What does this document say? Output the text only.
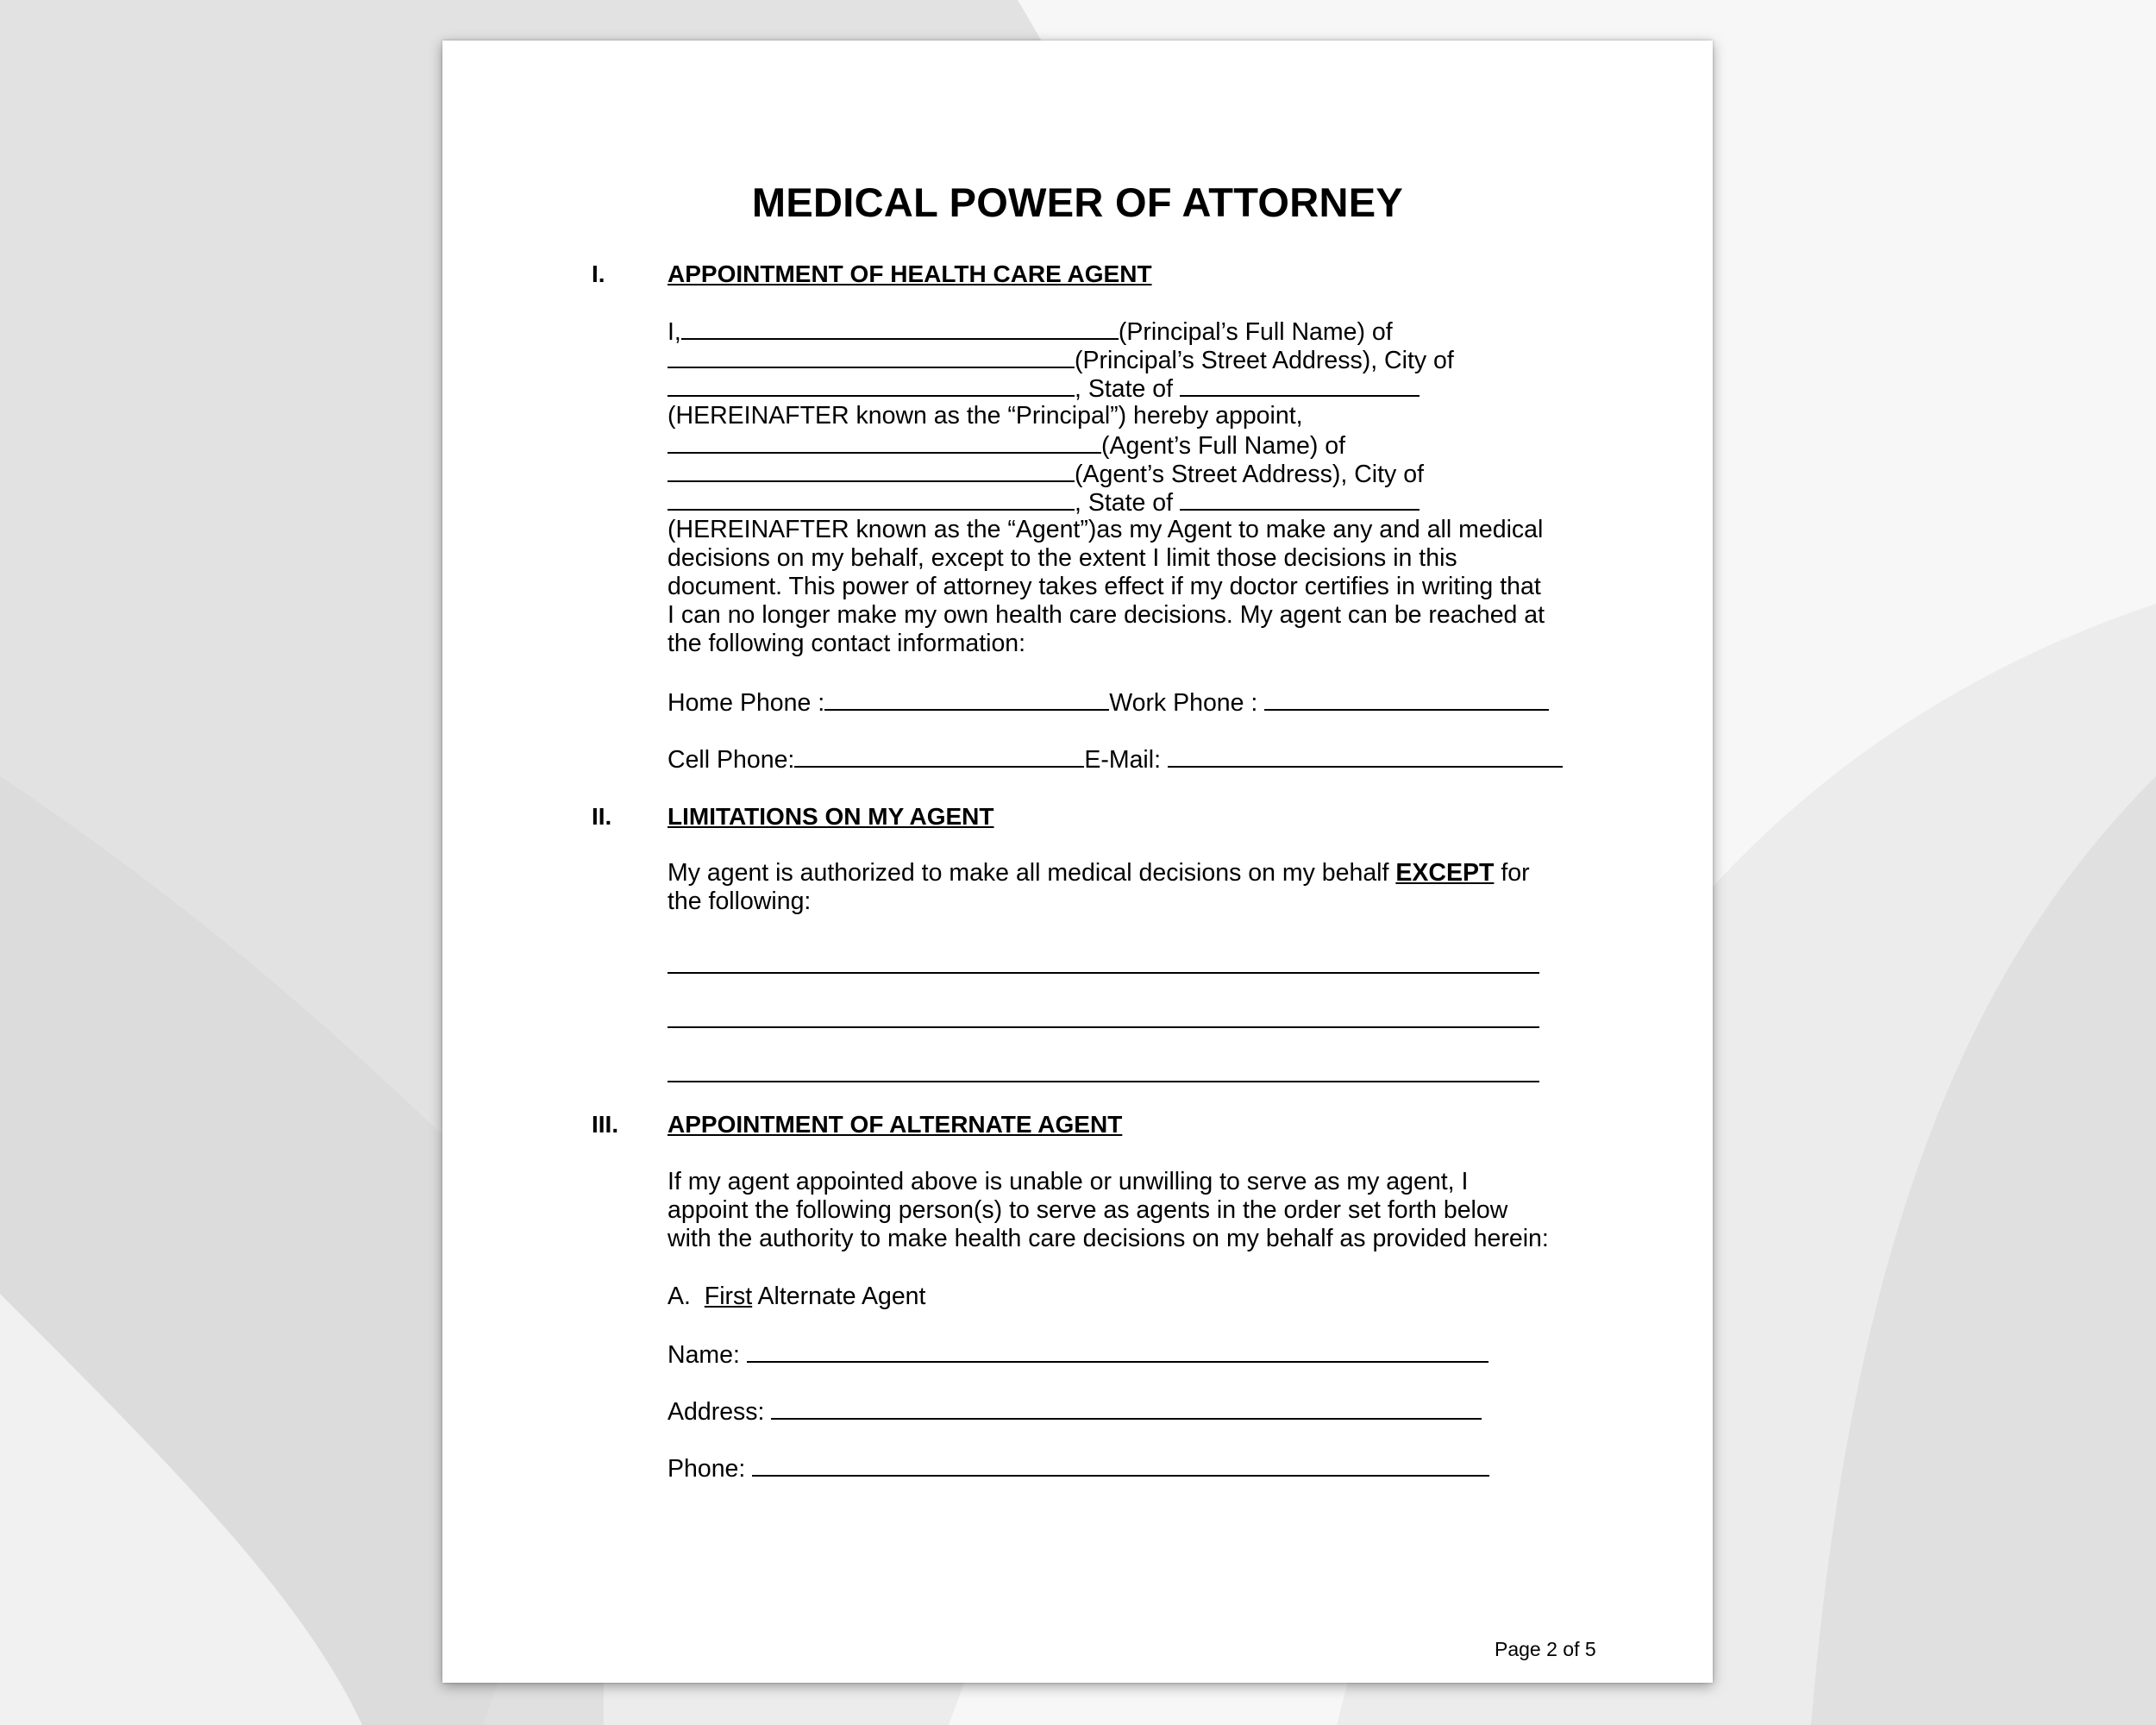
MEDICAL POWER OF ATTORNEY
I.	APPOINTMENT OF HEALTH CARE AGENT
I,	(Principal’s Full Name) of
(Principal’s Street Address), City of
, State of
(HEREINAFTER known as the “Principal”) hereby appoint,
(Agent’s Full Name) of
(Agent’s Street Address), City of
, State of
(HEREINAFTER known as the “Agent”)as my Agent to make any and all medical
decisions on my behalf, except to the extent I limit those decisions in this
document. This power of attorney takes effect if my doctor certifies in writing that
I can no longer make my own health care decisions. My agent can be reached at
the following contact information:
Home Phone :	Work Phone :
Cell Phone:	E-Mail:
II. LIMITATIONS ON MY AGENT
My agent is authorized to make all medical decisions on my behalf EXCEPT for
the following:
III. APPOINTMENT OF ALTERNATE AGENT
If my agent appointed above is unable or unwilling to serve as my agent, I
appoint the following person(s) to serve as agents in the order set forth below
with the authority to make health care decisions on my behalf as provided herein:
A. First Alternate Agent
Name:
Address:
Phone:
Page 2 of 5
